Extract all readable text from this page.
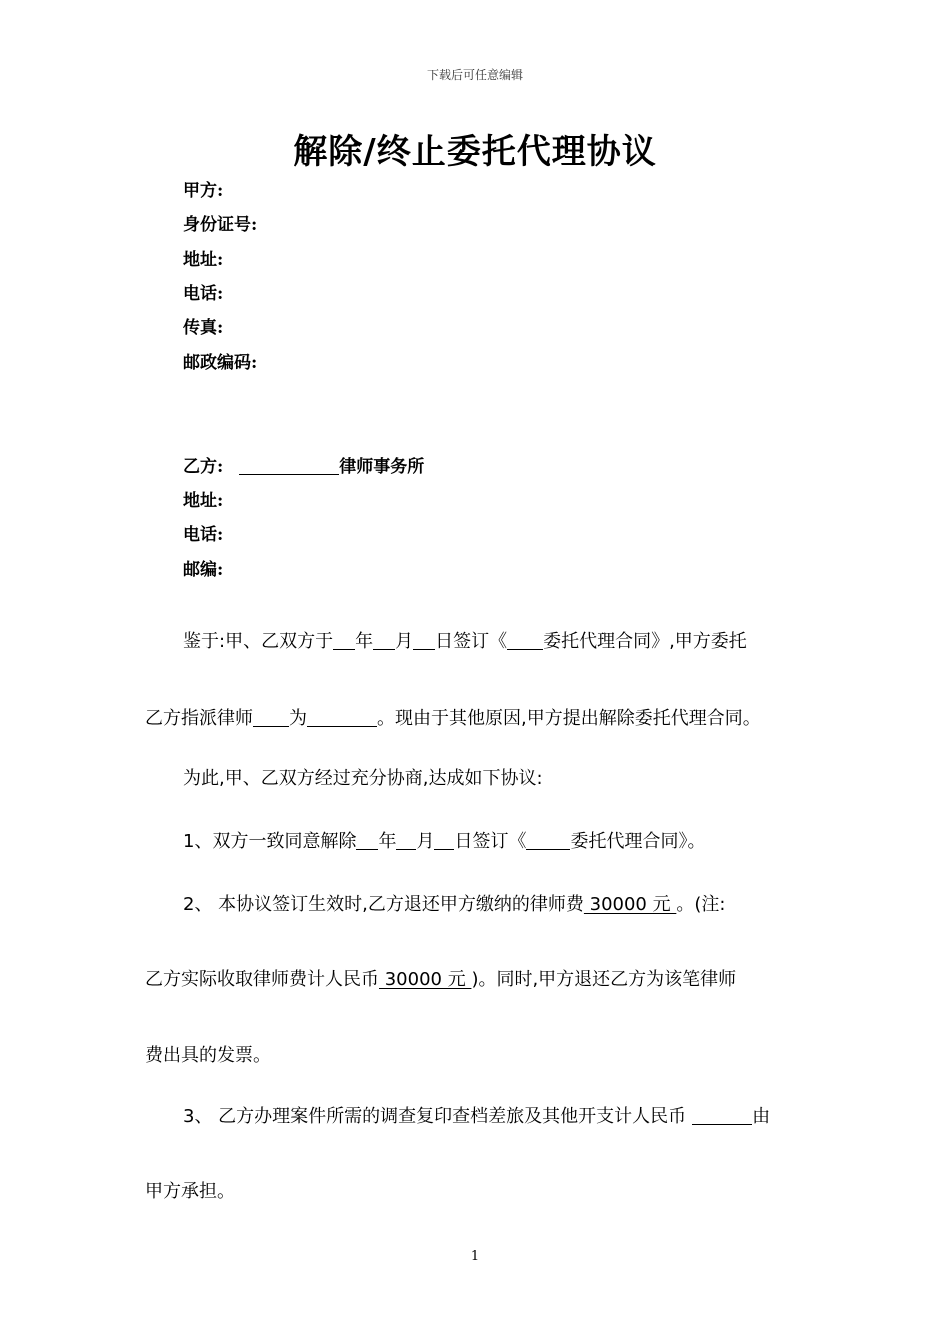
下载后可任意编辑
解除/终止委托代理协议
甲方:
身份证号:
地址:
电话:
传真:
邮政编码:
乙方:	律师事务所
地址:
电话:
邮编:
鉴于:甲、乙双方于 年 月 日签订《 委托代理合同》,甲方委托
乙方指派律师 为	。现由于其他原因,甲方提出解除委托代理合同。
为此,甲、乙双方经过充分协商,达成如下协议:
1、双方一致同意解除 年 月 日签订《 委托代理合同》。
2、 本协议签订生效时,乙方退还甲方缴纳的律师费 30000 元 。(注:
乙方实际收取律师费计人民币 30000 元 )。同时,甲方退还乙方为该笔律师
费出具的发票。
3、 乙方办理案件所需的调查复印查档差旅及其他开支计人民币	由
甲方承担。
1
